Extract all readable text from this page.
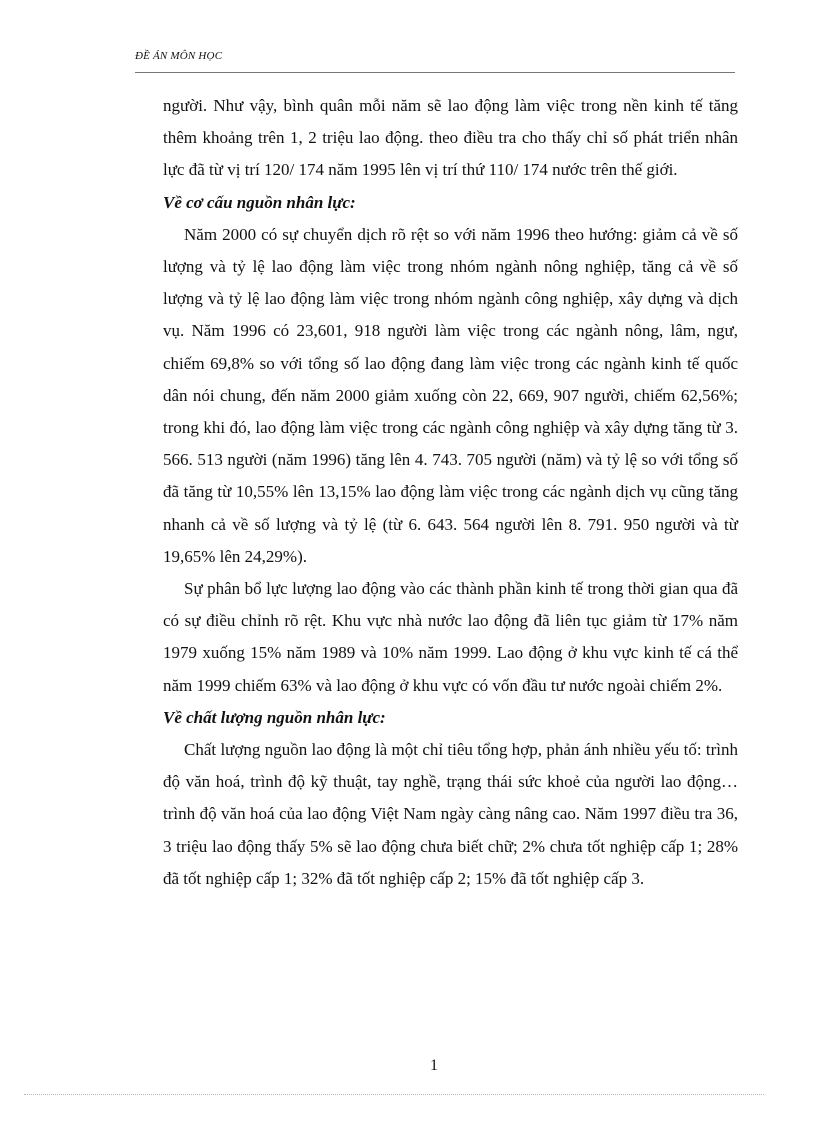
ĐỀ ÁN MÔN HỌC

người. Như vậy, bình quân mỗi năm sẽ lao động làm việc trong nền kinh tế tăng thêm khoảng trên 1, 2 triệu lao động. theo điều tra cho thấy chỉ số phát triển nhân lực đã từ vị trí 120/ 174 năm 1995 lên vị trí thứ 110/ 174 nước trên thế giới.

Về cơ cấu nguồn nhân lực:

Năm 2000 có sự chuyển dịch rõ rệt so với năm 1996 theo hướng: giảm cả về số lượng và tỷ lệ lao động làm việc trong nhóm ngành nông nghiệp, tăng cả về số lượng và tỷ lệ lao động làm việc trong nhóm ngành công nghiệp, xây dựng và dịch vụ. Năm 1996 có 23,601, 918 người làm việc trong các ngành nông, lâm, ngư, chiếm 69,8% so với tổng số lao động đang làm việc trong các ngành kinh tế quốc dân nói chung, đến năm 2000 giảm xuống còn 22, 669, 907 người, chiếm 62,56%; trong khi đó, lao động làm việc trong các ngành công nghiệp và xây dựng tăng từ 3. 566. 513 người (năm 1996) tăng lên 4. 743. 705 người (năm) và tỷ lệ so với tổng số đã tăng từ 10,55% lên 13,15% lao động làm việc trong các ngành dịch vụ cũng tăng nhanh cả về số lượng và tỷ lệ (từ 6. 643. 564 người lên 8. 791. 950 người và từ 19,65% lên 24,29%).

Sự phân bổ lực lượng lao động vào các thành phần kinh tế trong thời gian qua đã có sự điều chỉnh rõ rệt. Khu vực nhà nước lao động đã liên tục giảm từ 17% năm 1979 xuống 15% năm 1989 và 10% năm 1999. Lao động ở khu vực kinh tế cá thể năm 1999 chiếm 63% và lao động ở khu vực có vốn đầu tư nước ngoài chiếm 2%.

Về chất lượng nguồn nhân lực:

Chất lượng nguồn lao động là một chỉ tiêu tổng hợp, phản ánh nhiều yếu tố: trình độ văn hoá, trình độ kỹ thuật, tay nghề, trạng thái sức khoẻ của người lao động… trình độ văn hoá của lao động Việt Nam ngày càng nâng cao. Năm 1997 điều tra 36, 3 triệu lao động thấy 5% sẽ lao động chưa biết chữ; 2% chưa tốt nghiệp cấp 1; 28% đã tốt nghiệp cấp 1; 32% đã tốt nghiệp cấp 2; 15% đã tốt nghiệp cấp 3.

1
